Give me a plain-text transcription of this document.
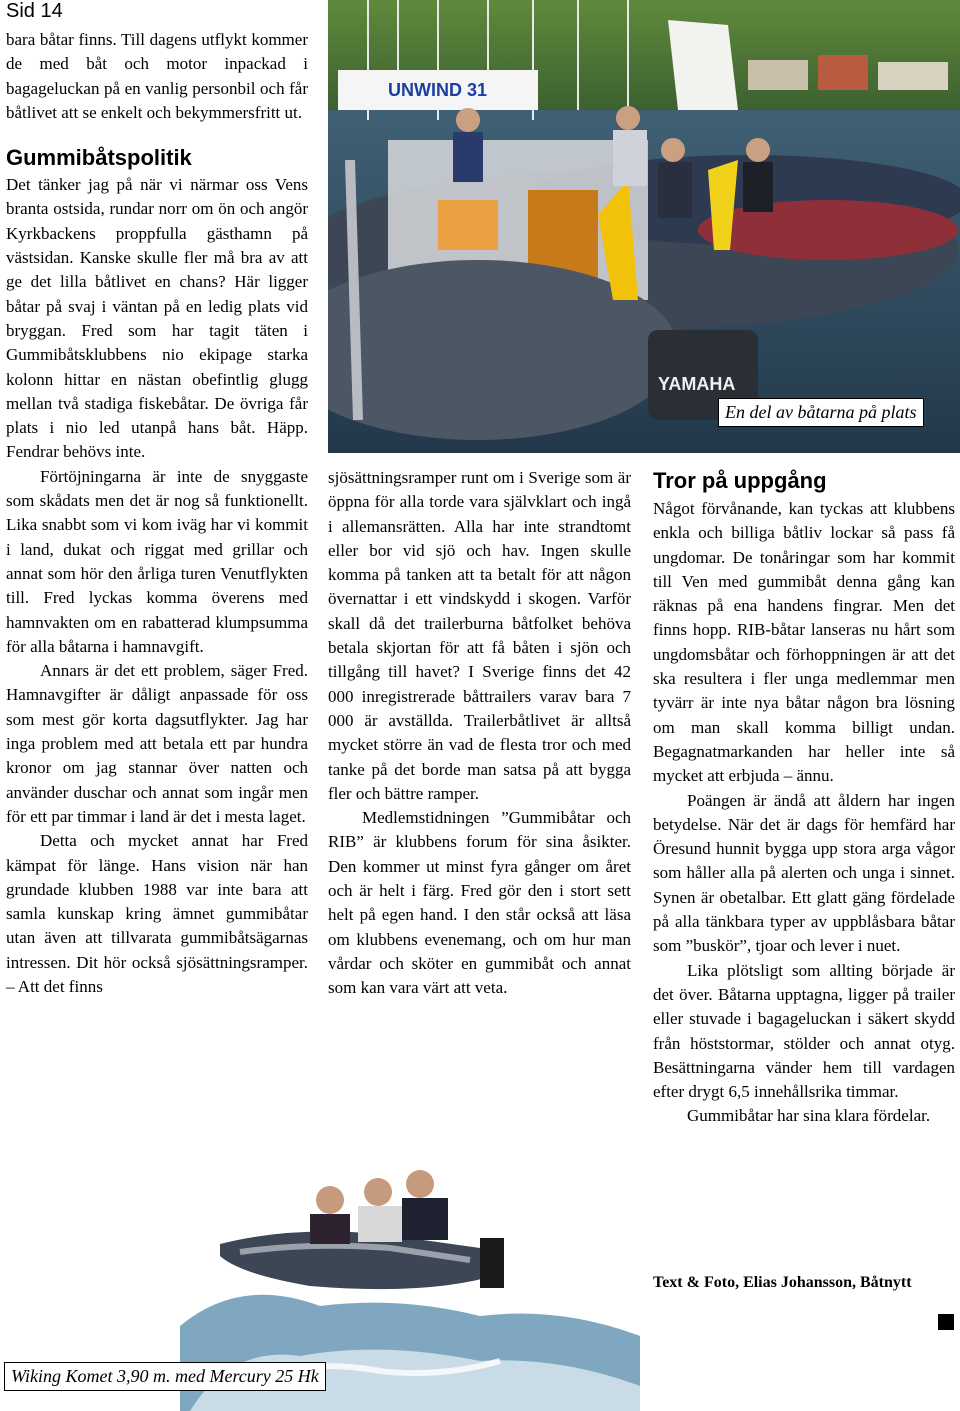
Sid 14

bara båtar finns. Till dagens utflykt kommer de med båt och motor inpackad i bagageluckan på en vanlig personbil och får båtlivet att se enkelt och bekymmersfritt ut.

Gummibåtspolitik

Det tänker jag på när vi närmar oss Vens branta ostsida, rundar norr om ön och angör Kyrkbackens proppfulla gästhamn på västsidan. Kanske skulle fler må bra av att ge det lilla båtlivet en chans? Här ligger båtar på svaj i väntan på en ledig plats vid bryggan. Fred som har tagit täten i Gummibåtsklubbens nio ekipage starka kolonn hittar en nästan obefintlig glugg mellan två stadiga fiskebåtar. De övriga får plats i nio led utanpå hans båt. Häpp. Fendrar behövs inte.

Förtöjningarna är inte de snyggaste som skådats men det är nog så funktionellt. Lika snabbt som vi kom iväg har vi kommit i land, dukat och riggat med grillar och annat som hör den årliga turen Venutflykten till. Fred lyckas komma överens med hamnvakten om en rabatterad klumpsumma för alla båtarna i hamnavgift.

Annars är det ett problem, säger Fred. Hamnavgifter är dåligt anpassade för oss som mest gör korta dagsutflykter. Jag har inga problem med att betala ett par hundra kronor om jag stannar över natten och använder duschar och annat som ingår men för ett par timmar i land är det i mesta laget.

Detta och mycket annat har Fred kämpat för länge. Hans vision när han grundade klubben 1988 var inte bara att samla kunskap kring ämnet gummibåtar utan även att tillvarata gummibåtsägarnas intressen. Dit hör också sjösättningsramper. – Att det finns

UNWIND 31
YAMAHA
En del av båtarna på plats

sjösättningsramper runt om i Sverige som är öppna för alla torde vara självklart och ingå i allemansrätten. Alla har inte strandtomt eller bor vid sjö och hav. Ingen skulle komma på tanken att ta betalt för att någon övernattar i ett vindskydd i skogen. Varför skall då det trailerburna båtfolket behöva betala skjortan för att få båten i sjön och tillgång till havet? I Sverige finns det 42 000 inregistrerade båttrailers varav bara 7 000 är avställda. Trailerbåtlivet är alltså mycket större än vad de flesta tror och med tanke på det borde man satsa på att bygga fler och bättre ramper.

Medlemstidningen ”Gummibåtar och RIB” är klubbens forum för sina åsikter. Den kommer ut minst fyra gånger om året och är helt i färg. Fred gör den i stort sett helt på egen hand. I den står också att läsa om klubbens evenemang, och om hur man vårdar och sköter en gummibåt och annat som kan vara värt att veta.

Tror på uppgång

Något förvånande, kan tyckas att klubbens enkla och billiga båtliv lockar så pass få ungdomar. De tonåringar som har kommit till Ven med gummibåt denna gång kan räknas på ena handens fingrar. Men det finns hopp. RIB-båtar lanseras nu hårt som ungdomsbåtar och förhoppningen är att det ska resultera i fler unga medlemmar men tyvärr är inte nya båtar någon bra lösning om man skall komma billigt undan. Begagnatmarkanden har heller inte så mycket att erbjuda – ännu.

Poängen är ändå att åldern har ingen betydelse. När det är dags för hemfärd har Öresund hunnit bygga upp stora arga vågor som håller alla på alerten och unga i sinnet. Synen är obetalbar. Ett glatt gäng fördelade på alla tänkbara typer av uppblåsbara båtar som ”buskör”, tjoar och lever i nuet.

Lika plötsligt som allting började är det över. Båtarna upptagna, ligger på trailer eller stuvade i bagageluckan i säkert skydd från höststormar, stölder och annat otyg. Besättningarna vänder hem till vardagen efter drygt 6,5 innehållsrika timmar.

Gummibåtar har sina klara fördelar.

Text & Foto, Elias Johansson, Båtnytt
Wiking Komet 3,90 m. med Mercury 25 Hk
